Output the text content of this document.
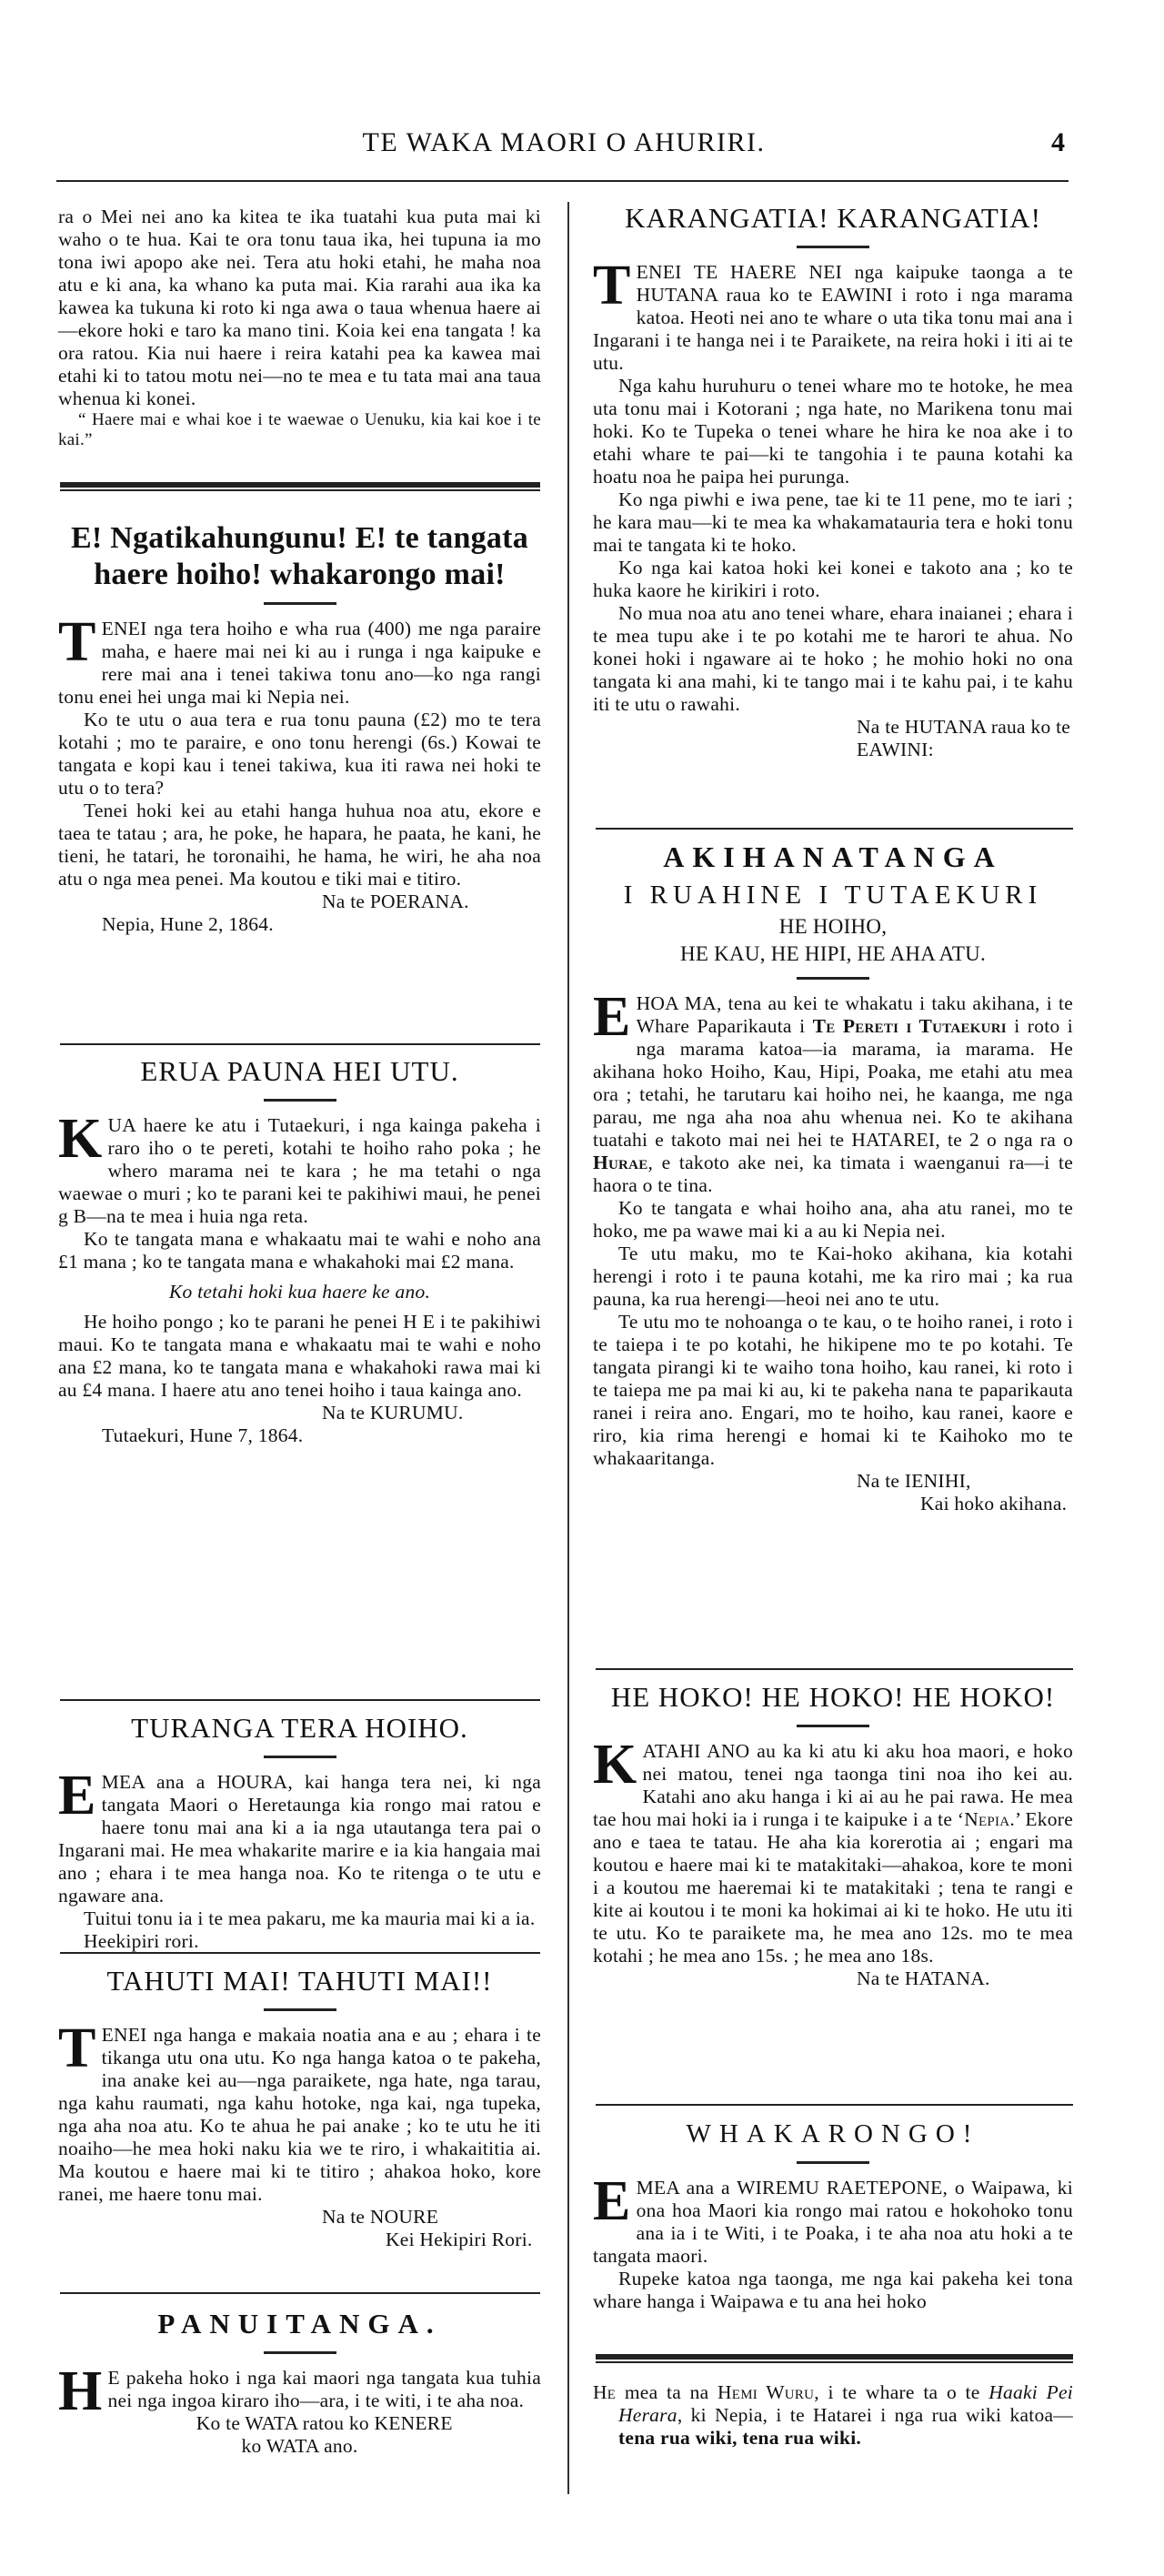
TE WAKA MAORI O AHURIRI.	4

ra o Mei nei ano ka kitea te ika tuatahi kua puta mai ki waho o te hua. Kai te ora tonu taua ika, hei tupuna ia mo tona iwi apopo ake nei. Tera atu hoki etahi, he maha noa atu e ki ana, ka whano ka puta mai. Kia rarahi aua ika ka kawea ka tukuna ki roto ki nga awa o taua whenua haere ai—ekore hoki e taro ka mano tini. Koia kei ena tangata ! ka ora ratou. Kia nui haere i reira katahi pea ka kawea mai etahi ki to tatou motu nei—no te mea e tu tata mai ana taua whenua ki konei.

“ Haere mai e whai koe i te waewae o Uenuku, kia kai koe i te kai.”

E! Ngatikahungunu! E! te tangata
haere hoiho! whakarongo mai!

TENEI nga tera hoiho e wha rua (400) me nga paraire maha, e haere mai nei ki au i runga i nga kaipuke e rere mai ana i tenei takiwa tonu ano—ko nga rangi tonu enei hei unga mai ki Nepia nei.

Ko te utu o aua tera e rua tonu pauna (£2) mo te tera kotahi ; mo te paraire, e ono tonu herengi (6s.) Kowai te tangata e kopi kau i tenei takiwa, kua iti rawa nei hoki te utu o to tera?

Tenei hoki kei au etahi hanga huhua noa atu, ekore e taea te tatau ; ara, he poke, he hapara, he paata, he kani, he tieni, he tatari, he toronaihi, he hama, he wiri, he aha noa atu o nga mea penei. Ma koutou e tiki mai e titiro.

Na te POERANA.
Nepia, Hune 2, 1864.
ERUA PAUNA HEI UTU.

KUA haere ke atu i Tutaekuri, i nga kainga pakeha i raro iho o te pereti, kotahi te hoiho raho poka ; he whero marama nei te kara ; he ma tetahi o nga waewae o muri ; ko te parani kei te pakihiwi maui, he penei g B—na te mea i huia nga reta.

Ko te tangata mana e whakaatu mai te wahi e noho ana £1 mana ; ko te tangata mana e whakahoki mai £2 mana.

Ko tetahi hoki kua haere ke ano.

He hoiho pongo ; ko te parani he penei H E i te pakihiwi maui. Ko te tangata mana e whakaatu mai te wahi e noho ana £2 mana, ko te tangata mana e whakahoki rawa mai ki au £4 mana. I haere atu ano tenei hoiho i taua kainga ano.

Na te KURUMU.
Tutaekuri, Hune 7, 1864.
TURANGA TERA HOIHO.

EMEA ana a HOURA, kai hanga tera nei, ki nga tangata Maori o Heretaunga kia rongo mai ratou e haere tonu mai ana ki a ia nga utautanga tera pai o Ingarani mai. He mea whakarite marire e ia kia hangaia mai ano ; ehara i te mea hanga noa. Ko te ritenga o te utu e ngaware ana.

Tuitui tonu ia i te mea pakaru, me ka mauria mai ki a ia.

Heekipiri rori.

TAHUTI MAI! TAHUTI MAI!!

TENEI nga hanga e makaia noatia ana e au ; ehara i te tikanga utu ona utu. Ko nga hanga katoa o te pakeha, ina anake kei au—nga paraikete, nga hate, nga tarau, nga kahu raumati, nga kahu hotoke, nga kai, nga tupeka, nga aha noa atu. Ko te ahua he pai anake ; ko te utu he iti noaiho—he mea hoki naku kia we te riro, i whakaititia ai. Ma koutou e haere mai ki te titiro ; ahakoa hoko, kore ranei, me haere tonu mai.

Na te NOURE
Kei Hekipiri Rori.
PANUITANGA.

H E pakeha hoko i nga kai maori nga tangata kua tuhia nei nga ingoa kiraro iho—ara, i te witi, i te aha noa.

Ko te WATA ratou ko KENERE
ko WATA ano.
KARANGATIA! KARANGATIA!

TENEI TE HAERE NEI nga kaipuke taonga a te HUTANA raua ko te EAWINI i roto i nga marama katoa. Heoti nei ano te whare o uta tika tonu mai ana i Ingarani i te hanga nei i te Paraikete, na reira hoki i iti ai te utu.

Nga kahu huruhuru o tenei whare mo te hotoke, he mea uta tonu mai i Kotorani ; nga hate, no Marikena tonu mai hoki. Ko te Tupeka o tenei whare he hira ke noa ake i to etahi whare te pai—ki te tangohia i te pauna kotahi ka hoatu noa he paipa hei purunga.

Ko nga piwhi e iwa pene, tae ki te 11 pene, mo te iari ; he kara mau—ki te mea ka whakamatauria tera e hoki tonu mai te tangata ki te hoko.

Ko nga kai katoa hoki kei konei e takoto ana ; ko te huka kaore he kirikiri i roto.

No mua noa atu ano tenei whare, ehara inaianei ; ehara i te mea tupu ake i te po kotahi me te harori te ahua. No konei hoki i ngaware ai te hoko ; he mohio hoki no ona tangata ki ana mahi, ki te tango mai i te kahu pai, i te kahu iti te utu o rawahi.

Na te HUTANA raua ko te EAWINI:
AKIHANATANGA
I RUAHINE I TUTAEKURI
HE HOIHO,
HE KAU, HE HIPI, HE AHA ATU.

EHOA MA, tena au kei te whakatu i taku akihana, i te Whare Paparikauta i Te Pereti i Tutaekuri i roto i nga marama katoa—ia marama, ia marama. He akihana hoko Hoiho, Kau, Hipi, Poaka, me etahi atu mea ora ; tetahi, he tarutaru kai hoiho nei, he kaanga, me nga parau, me nga aha noa ahu whenua nei. Ko te akihana tuatahi e takoto mai nei hei te HATAREI, te 2 o nga ra o Hurae, e takoto ake nei, ka timata i waenganui ra—i te haora o te tina.

Ko te tangata e whai hoiho ana, aha atu ranei, mo te hoko, me pa wawe mai ki a au ki Nepia nei.

Te utu maku, mo te Kai-hoko akihana, kia kotahi herengi i roto i te pauna kotahi, me ka riro mai ; ka rua pauna, ka rua herengi—heoi nei ano te utu.

Te utu mo te nohoanga o te kau, o te hoiho ranei, i roto i te taiepa i te po kotahi, he hikipene mo te po kotahi. Te tangata pirangi ki te waiho tona hoiho, kau ranei, ki roto i te taiepa me pa mai ki au, ki te pakeha nana te paparikauta ranei i reira ano. Engari, mo te hoiho, kau ranei, kaore e riro, kia rima herengi e homai ki te Kaihoko mo te whakaaritanga.

Na te IENIHI,
Kai hoko akihana.
HE HOKO! HE HOKO! HE HOKO!

KATAHI ANO au ka ki atu ki aku hoa maori, e hoko nei matou, tenei nga taonga tini noa iho kei au. Katahi ano aku hanga i ki ai au he pai rawa. He mea tae hou mai hoki ia i runga i te kaipuke i a te ‘Nepia.’ Ekore ano e taea te tatau. He aha kia korerotia ai ; engari ma koutou e haere mai ki te matakitaki—ahakoa, kore te moni i a koutou me haeremai ki te matakitaki ; tena te rangi e kite ai koutou i te moni ka hokimai ai ki te hoko. He utu iti te utu. Ko te paraikete ma, he mea ano 12s. mo te mea kotahi ; he mea ano 15s. ; he mea ano 18s.

Na te HATANA.
WHAKARONGO!

EMEA ana a WIREMU RAETEPONE, o Waipawa, ki ona hoa Maori kia rongo mai ratou e hokohoko tonu ana ia i te Witi, i te Poaka, i te aha noa atu hoki a te tangata maori.

Rupeke katoa nga taonga, me nga kai pakeha kei tona whare hanga i Waipawa e tu ana hei hoko

He mea ta na Hemi Wuru, i te whare ta o te Haaki Pei Herara, ki Nepia, i te Hatarei i nga rua wiki katoa—tena rua wiki, tena rua wiki.
